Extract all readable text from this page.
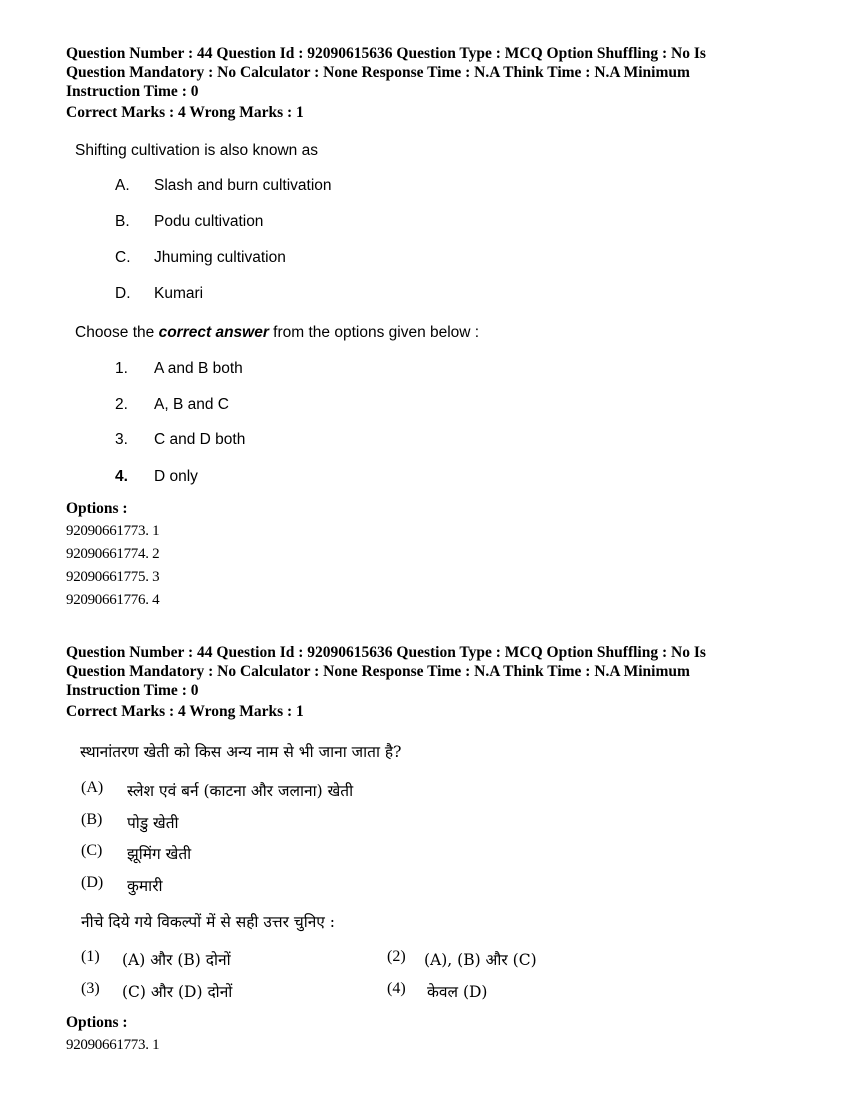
Question Number : 44 Question Id : 92090615636 Question Type : MCQ Option Shuffling : No Is
Question Mandatory : No Calculator : None Response Time : N.A Think Time : N.A Minimum
Instruction Time : 0
Correct Marks : 4 Wrong Marks : 1
Shifting cultivation is also known as
A. Slash and burn cultivation
B. Podu cultivation
C. Jhuming cultivation
D. Kumari
Choose the correct answer from the options given below :
1. A and B both
2. A, B and C
3. C and D both
4. D only
Options :
92090661773. 1
92090661774. 2
92090661775. 3
92090661776. 4
Question Number : 44 Question Id : 92090615636 Question Type : MCQ Option Shuffling : No Is
Question Mandatory : No Calculator : None Response Time : N.A Think Time : N.A Minimum
Instruction Time : 0
Correct Marks : 4 Wrong Marks : 1
स्थानांतरण खेती को किस अन्य नाम से भी जाना जाता है?
(A) स्लेश एवं बर्न (काटना और जलाना) खेती
(B) पोडु खेती
(C) झूमिंग खेती
(D) कुमारी
नीचे दिये गये विकल्पों में से सही उत्तर चुनिए :
(1) (A) और (B) दोनों	(2) (A), (B) और (C)
(3) (C) और (D) दोनों	(4) केवल (D)
Options :
92090661773. 1
